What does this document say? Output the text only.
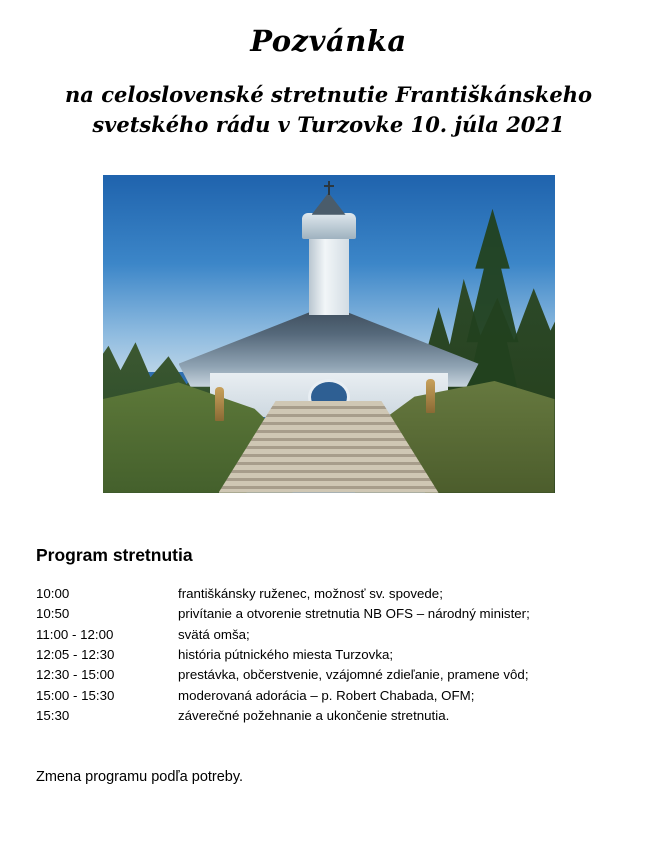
Pozvánka
na celoslovenské stretnutie Františkánskeho
svetského rádu v Turzovke 10. júla 2021
Program stretnutia
10:00	františkánsky ruženec, možnosť sv. spovede;
10:50	privítanie a otvorenie stretnutia NB OFS – národný minister;
11:00 - 12:00	svätá omša;
12:05 - 12:30	história pútnického miesta Turzovka;
12:30 - 15:00	prestávka, občerstvenie, vzájomné zdieľanie, pramene vôd;
15:00 - 15:30	moderovaná adorácia – p. Robert Chabada, OFM;
15:30	záverečné požehnanie a ukončenie stretnutia.
Zmena programu podľa potreby.
